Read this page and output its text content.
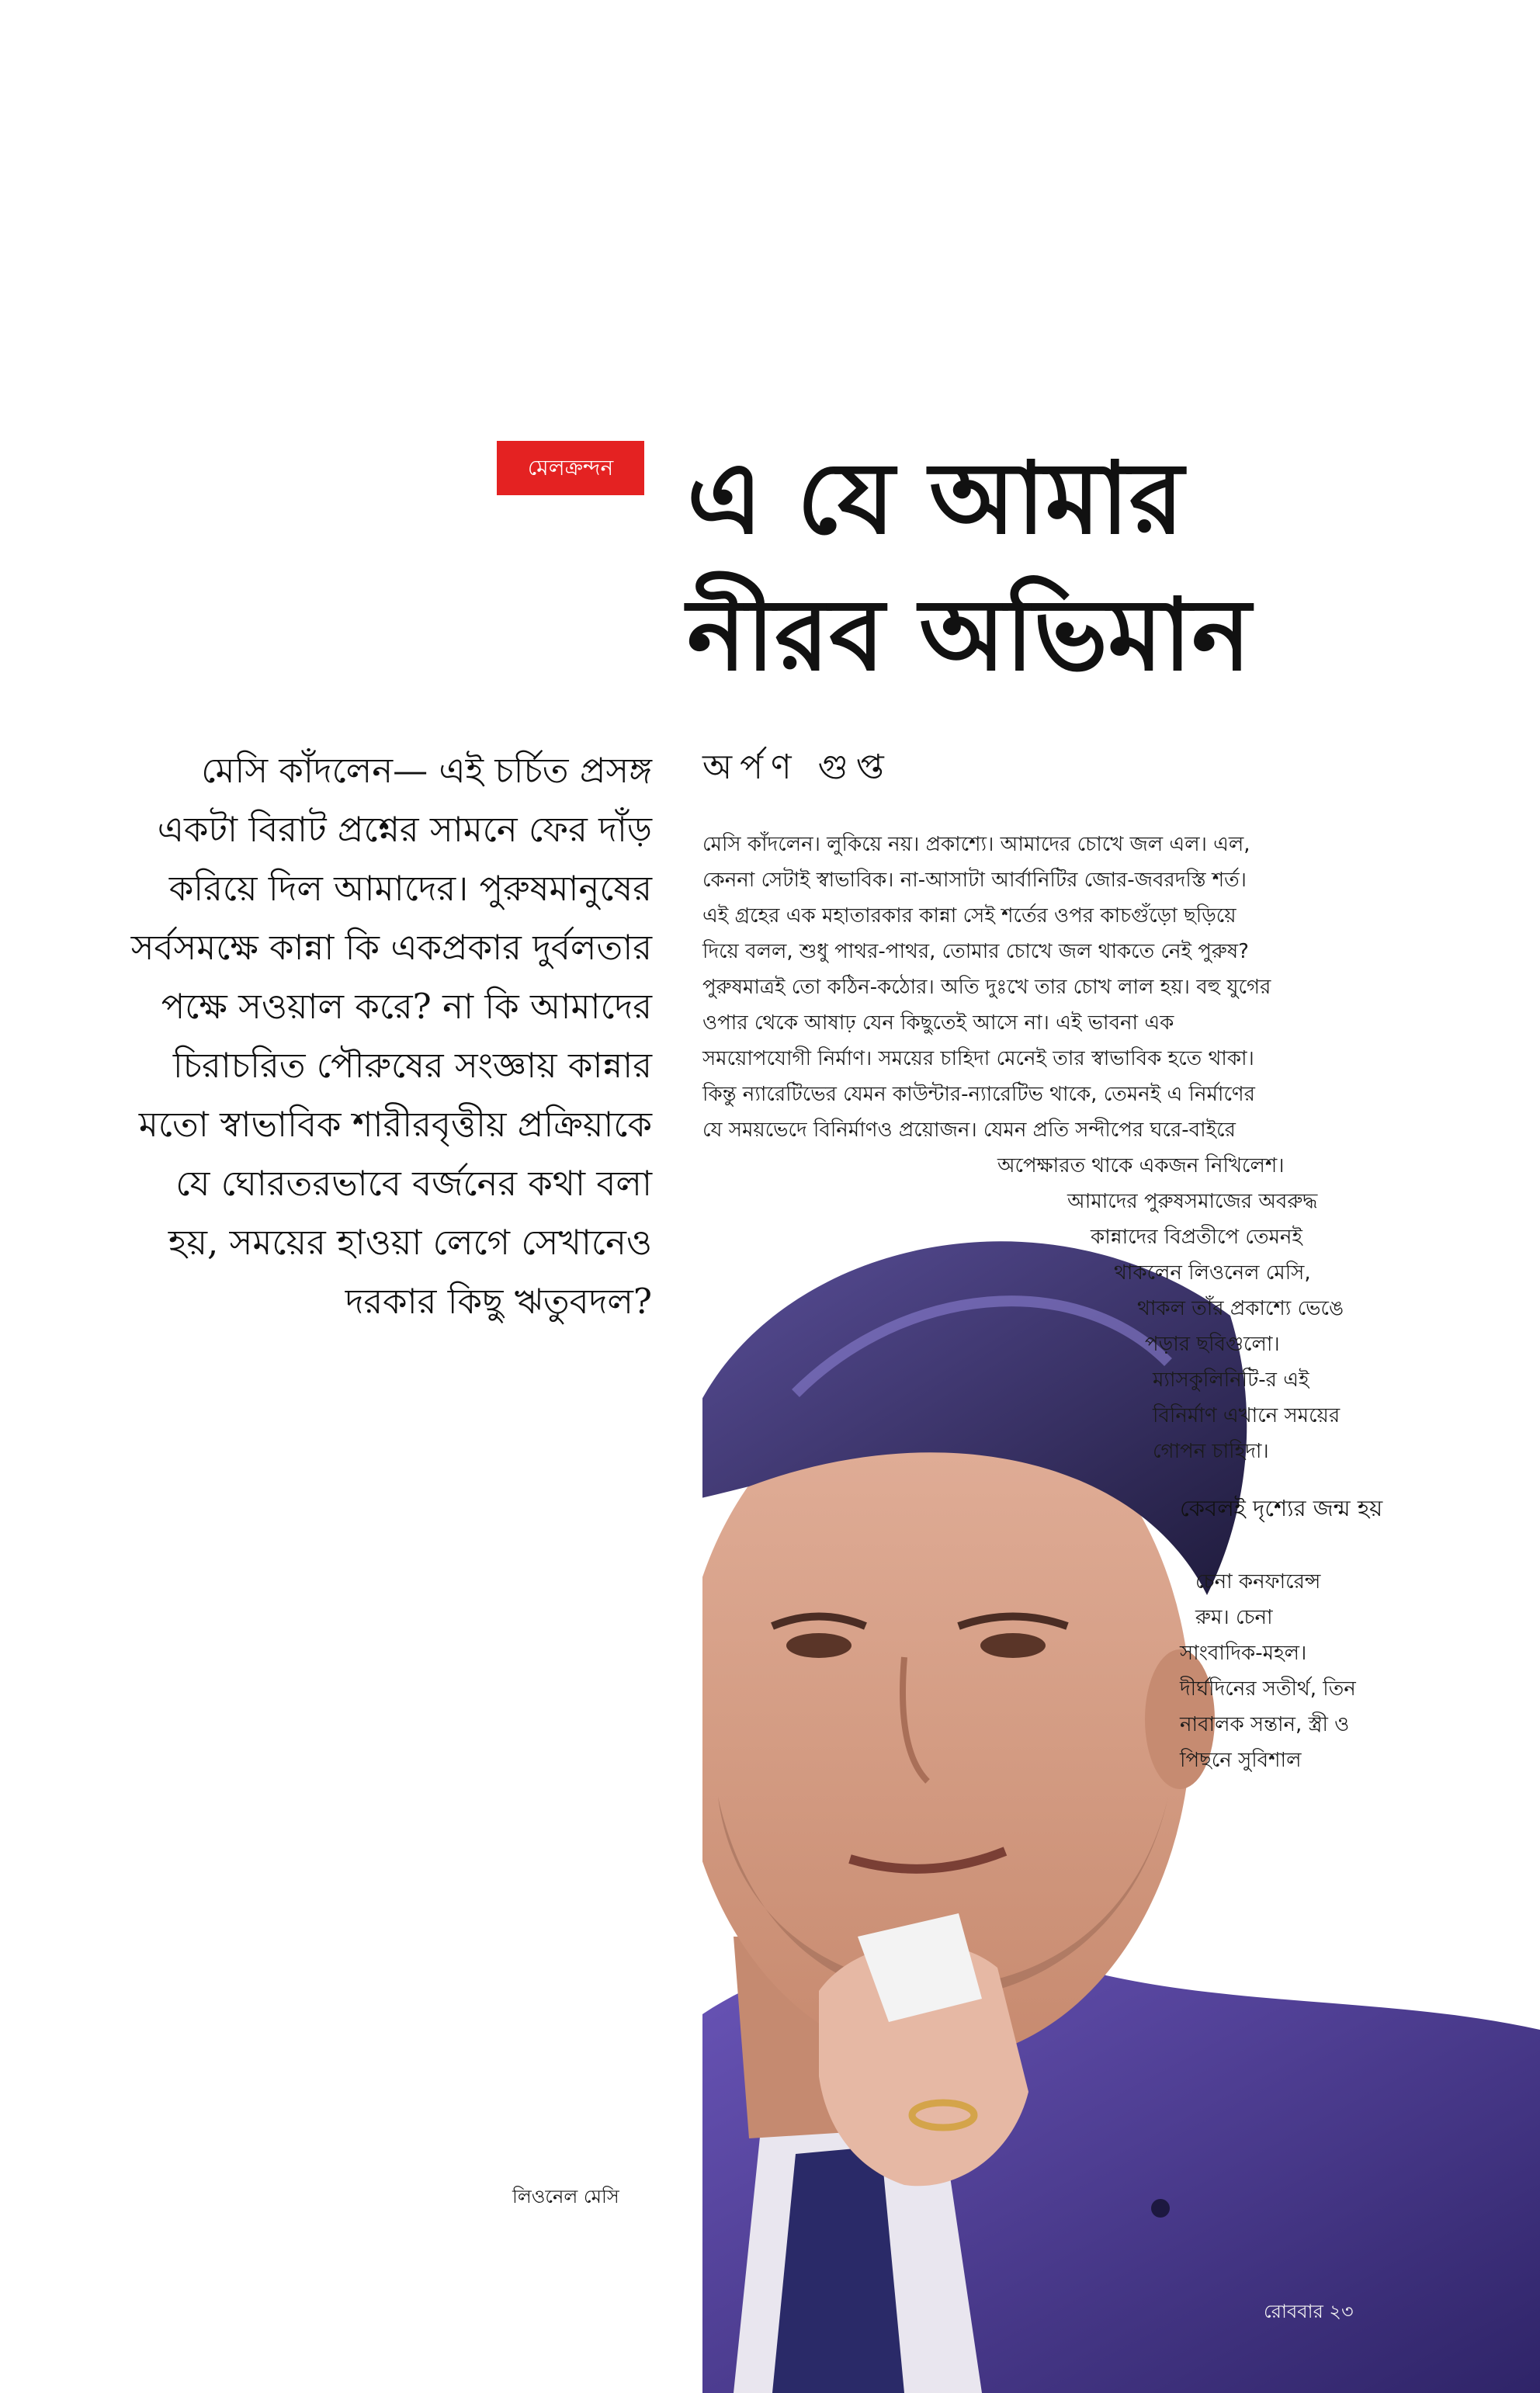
মেলক্রন্দন এ যে আমার
নীরব অভিমান
অর্পণ গুপ্ত

মেসি কাঁদলেন— এই চর্চিত প্রসঙ্গ একটা বিরাট প্রশ্নের সামনে ফের দাঁড় করিয়ে দিল আমাদের। পুরুষমানুষের সর্বসমক্ষে কান্না কি একপ্রকার দুর্বলতার পক্ষে সওয়াল করে? না কি আমাদের চিরাচরিত পৌরুষের সংজ্ঞায় কান্নার মতো স্বাভাবিক শারীরবৃত্তীয় প্রক্রিয়াকে যে ঘোরতরভাবে বর্জনের কথা বলা হয়, সময়ের হাওয়া লেগে সেখানেও দরকার কিছু ঋতুবদল?

মেসি কাঁদলেন। লুকিয়ে নয়। প্রকাশ্যে। আমাদের চোখে জল এল। এল,
কেননা সেটাই স্বাভাবিক। না-আসাটা আর্বানিটির জোর-জবরদস্তি শর্ত।
এই গ্রহের এক মহাতারকার কান্না সেই শর্তের ওপর কাচগুঁড়ো ছড়িয়ে
দিয়ে বলল, শুধু পাথর-পাথর, তোমার চোখে জল থাকতে নেই পুরুষ?
পুরুষমাত্রই তো কঠিন-কঠোর। অতি দুঃখে তার চোখ লাল হয়। বহু যুগের
ওপার থেকে আষাঢ় যেন কিছুতেই আসে না। এই ভাবনা এক
সময়োপযোগী নির্মাণ। সময়ের চাহিদা মেনেই তার স্বাভাবিক হতে থাকা।
কিন্তু ন্যারেটিভের যেমন কাউন্টার-ন্যারেটিভ থাকে, তেমনই এ নির্মাণের
যে সময়ভেদে বিনির্মাণও প্রয়োজন। যেমন প্রতি সন্দীপের ঘরে-বাইরে
অপেক্ষারত থাকে একজন নিখিলেশ।
আমাদের পুরুষসমাজের অবরুদ্ধ
কান্নাদের বিপ্রতীপে তেমনই
থাকলেন লিওনেল মেসি,
থাকল তাঁর প্রকাশ্যে ভেঙে
পড়ার ছবিগুলো।
ম্যাসকুলিনিটি-র এই
বিনির্মাণ এখানে সময়ের
গোপন চাহিদা।
কেবলই দৃশ্যের জন্ম হয়
চেনা কনফারেন্স
রুম। চেনা
সাংবাদিক-মহল।
দীর্ঘদিনের সতীর্থ, তিন
নাবালক সন্তান, স্ত্রী ও
পিছনে সুবিশাল
লিওনেল মেসি
রোববার ২৩
